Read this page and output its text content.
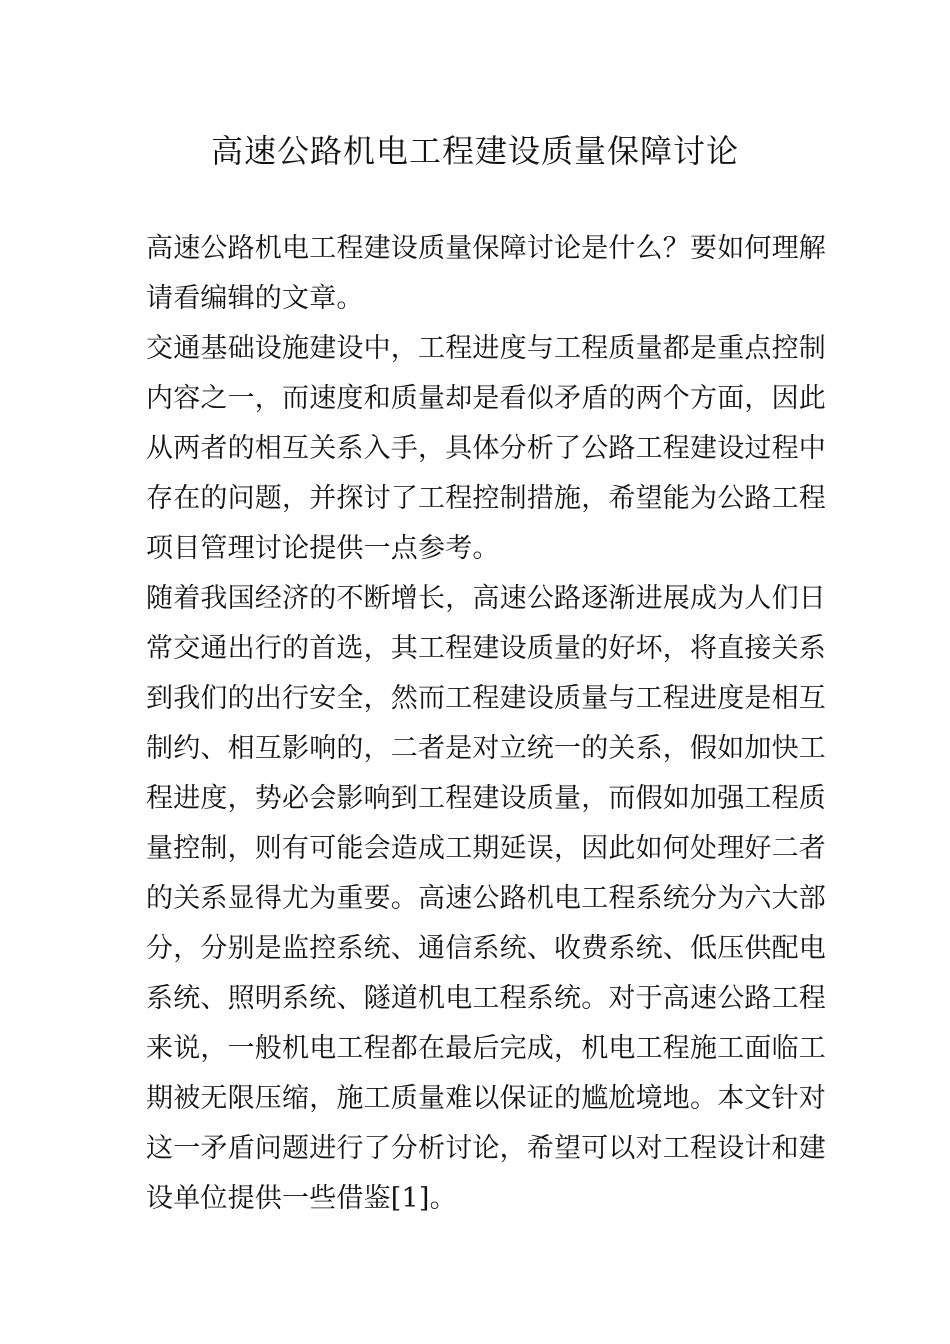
高速公路机电工程建设质量保障讨论
高速公路机电工程建设质量保障讨论是什么？要如何理解
请看编辑的文章。
交通基础设施建设中，工程进度与工程质量都是重点控制
内容之一，而速度和质量却是看似矛盾的两个方面，因此
从两者的相互关系入手，具体分析了公路工程建设过程中
存在的问题，并探讨了工程控制措施，希望能为公路工程
项目管理讨论提供一点参考。
随着我国经济的不断增长，高速公路逐渐进展成为人们日
常交通出行的首选，其工程建设质量的好坏，将直接关系
到我们的出行安全，然而工程建设质量与工程进度是相互
制约、相互影响的，二者是对立统一的关系，假如加快工
程进度，势必会影响到工程建设质量，而假如加强工程质
量控制，则有可能会造成工期延误，因此如何处理好二者
的关系显得尤为重要。高速公路机电工程系统分为六大部
分，分别是监控系统、通信系统、收费系统、低压供配电
系统、照明系统、隧道机电工程系统。对于高速公路工程
来说，一般机电工程都在最后完成，机电工程施工面临工
期被无限压缩，施工质量难以保证的尴尬境地。本文针对
这一矛盾问题进行了分析讨论，希望可以对工程设计和建
设单位提供一些借鉴[1]。
